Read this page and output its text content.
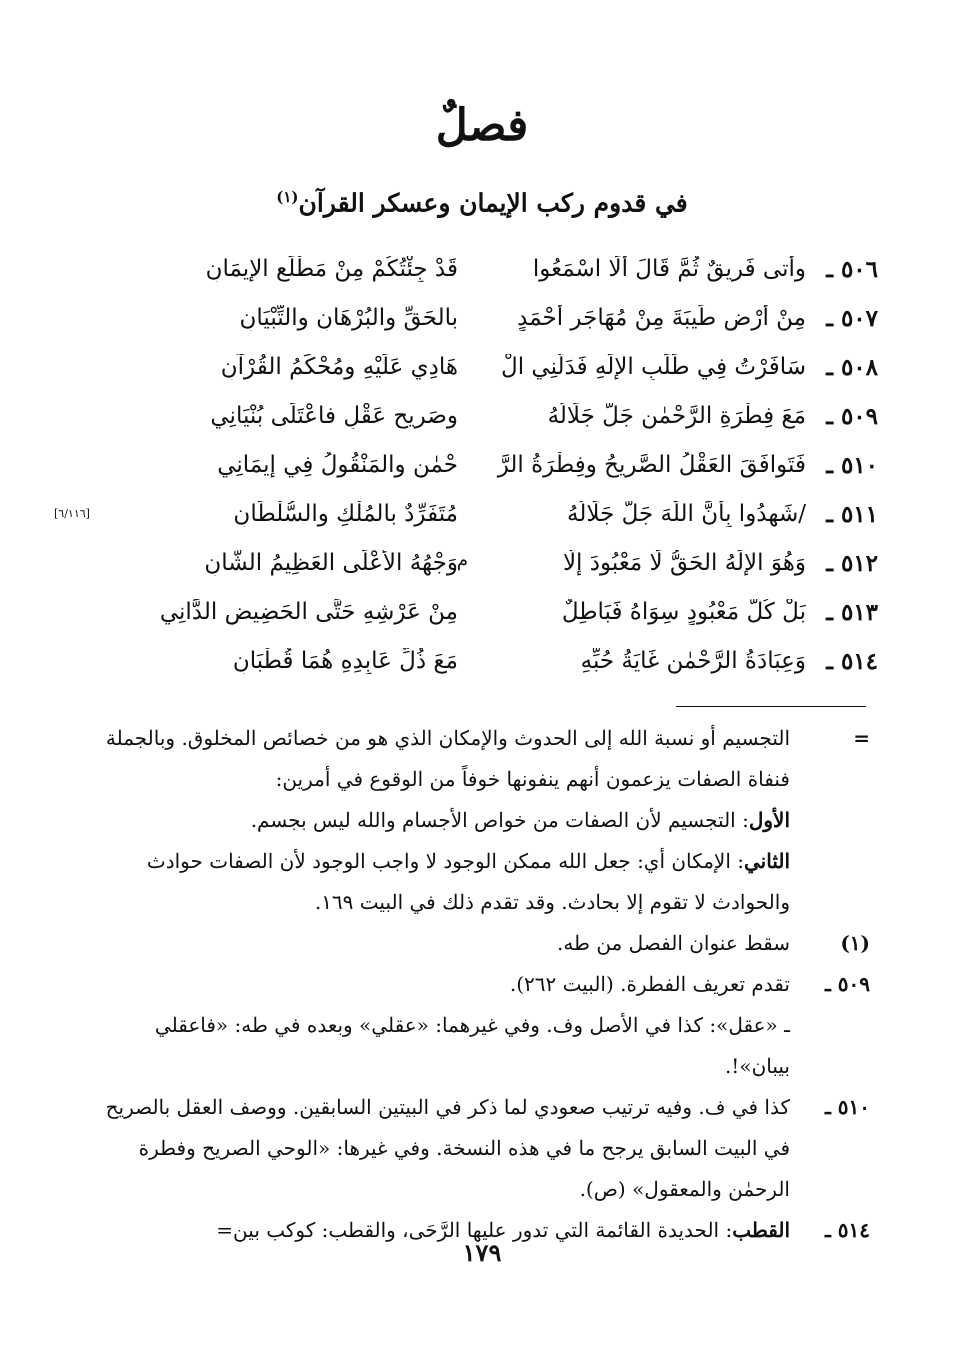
فصلٌ
في قدوم ركب الإيمان وعسكر القرآن$^{(١)}$
٥٠٦ ـ
وأتى فَريقٌ ثُمَّ قَالَ ألَا اسْمَعُوا
قَدْ جِئْتُكُمْ مِنْ مَطْلَعِ الإِيمَانِ
٥٠٧ ـ
مِنْ أرْضِ طَيبَةَ مِنْ مُهَاجَرِ أحْمَدٍ
بالحَقِّ والبُرْهَانِ والتِّبْيَانِ
٥٠٨ ـ
سَافَرْتُ فِي طَلَبِ الإلَهِ فَدَلَّنِي الْ
هَادِي عَلَيْهِ ومُحْكَمُ القُرْآنِ
٥٠٩ ـ
مَعَ فِطْرَةِ الرَّحْمٰنِ جَلَّ جَلَالُهُ
وصَرِيحِ عَقْلٍ فاعْتَلَى بُنْيَانِي
٥١٠ ـ
فَتَوافَقَ العَقْلُ الصَّرِيحُ وفِطْرَةُ الرَّ
حْمٰنِ والمَنْقُولُ فِي إيمَانِي
٥١١ ـ
/شَهِدُوا بِأنَّ اللّٰهَ جَلَّ جَلَالُهُ
مُتَفَرِّدٌ بالمُلْكِ والسُّلْطَانِ
[٦/١١٦]
٥١٢ ـ
وَهُوَ الإلَهُ الحَقُّ لَا مَعْبُودَ إلَّا
وَجْهُهُ الأعْلَى العَظِيمُ الشَّانِ
م
٥١٣ ـ
بَلْ كُلُّ مَعْبُودٍ سِوَاهُ فَبَاطِلٌ
مِنْ عَرْشِهِ حَتَّى الحَضِيضِ الدَّانِي
٥١٤ ـ
وَعِبَادَةُ الرَّحْمٰنِ غَايَةُ حُبِّهِ
مَعَ ذُلِّ عَابِدِهِ هُمَا قُطْبَانِ
=
التجسيم أو نسبة الله إلى الحدوث والإمكان الذي هو من خصائص المخلوق. وبالجملة فنفاة الصفات يزعمون أنهم ينفونها خوفاً من الوقوع في أمرين:
الأول: التجسيم لأن الصفات من خواص الأجسام والله ليس بجسم.
الثاني: الإمكان أي: جعل الله ممكن الوجود لا واجب الوجود لأن الصفات حوادث والحوادث لا تقوم إلا بحادث. وقد تقدم ذلك في البيت ١٦٩.
(١)
سقط عنوان الفصل من طه.
٥٠٩ ـ
تقدم تعريف الفطرة. (البيت ٢٦٢).
ـ «عقل»: كذا في الأصل وف. وفي غيرهما: «عقلي» وبعده في طه: «فاعقلي بيبان»!.
٥١٠ ـ
كذا في ف. وفيه ترتيب صعودي لما ذكر في البيتين السابقين. ووصف العقل بالصريح في البيت السابق يرجح ما في هذه النسخة. وفي غيرها: «الوحي الصريح وفطرة الرحمٰن والمعقول» (ص).
٥١٤ ـ
القطب: الحديدة القائمة التي تدور عليها الرَّحَى، والقطب: كوكب بين=
١٧٩
